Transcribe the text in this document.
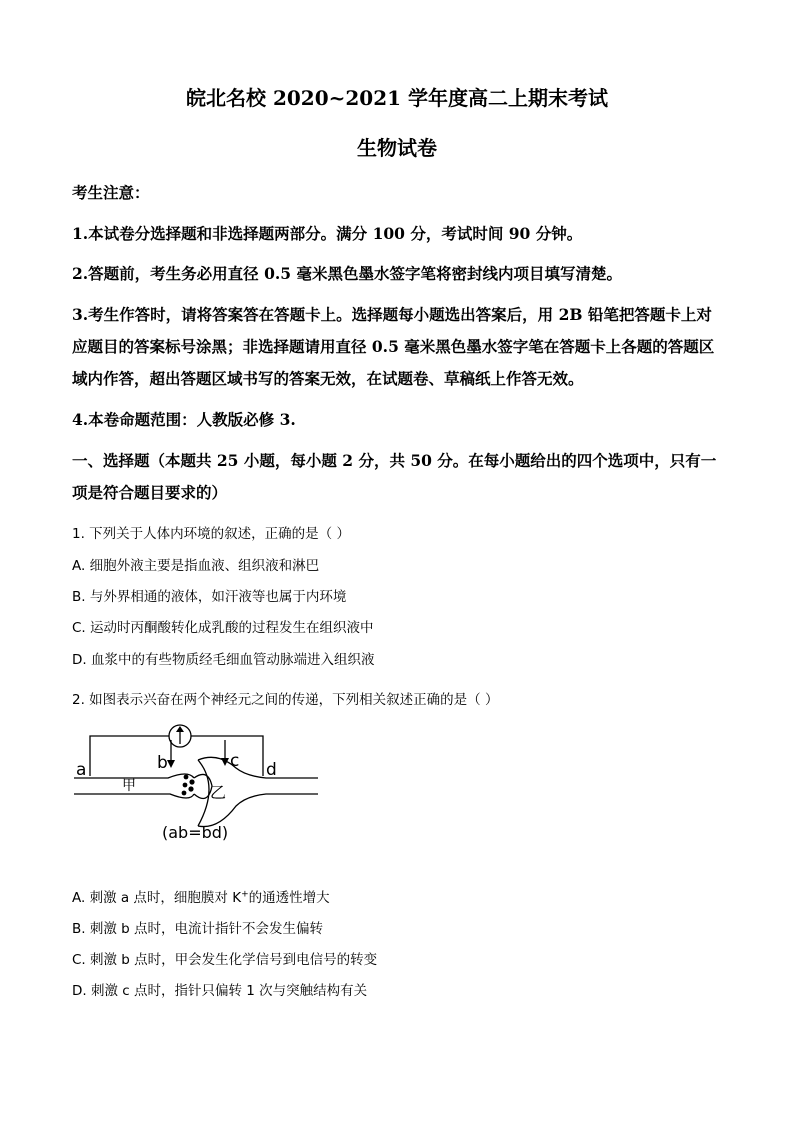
皖北名校 2020~2021 学年度高二上期末考试
生物试卷
考生注意：
1.本试卷分选择题和非选择题两部分。满分 100 分，考试时间 90 分钟。
2.答题前，考生务必用直径 0.5 毫米黑色墨水签字笔将密封线内项目填写清楚。
3.考生作答时，请将答案答在答题卡上。选择题每小题选出答案后，用 2B 铅笔把答题卡上对
应题目的答案标号涂黑；非选择题请用直径 0.5 毫米黑色墨水签字笔在答题卡上各题的答题区
域内作答，超出答题区域书写的答案无效，在试题卷、草稿纸上作答无效。
4.本卷命题范围：人教版必修 3.
一、选择题（本题共 25 小题，每小题 2 分，共 50 分。在每小题给出的四个选项中，只有一
项是符合题目要求的）
1. 下列关于人体内环境的叙述，正确的是（ ）
A. 细胞外液主要是指血液、组织液和淋巴
B. 与外界相通的液体，如汗液等也属于内环境
C. 运动时丙酮酸转化成乳酸的过程发生在组织液中
D. 血浆中的有些物质经毛细血管动脉端进入组织液
2. 如图表示兴奋在两个神经元之间的传递，下列相关叙述正确的是（ ）
a	b	c d
甲	乙
(ab=bd)
A. 刺激 a 点时，细胞膜对 K+的通透性增大
B. 刺激 b 点时，电流计指针不会发生偏转
C. 刺激 b 点时，甲会发生化学信号到电信号的转变
D. 刺激 c 点时，指针只偏转 1 次与突触结构有关
